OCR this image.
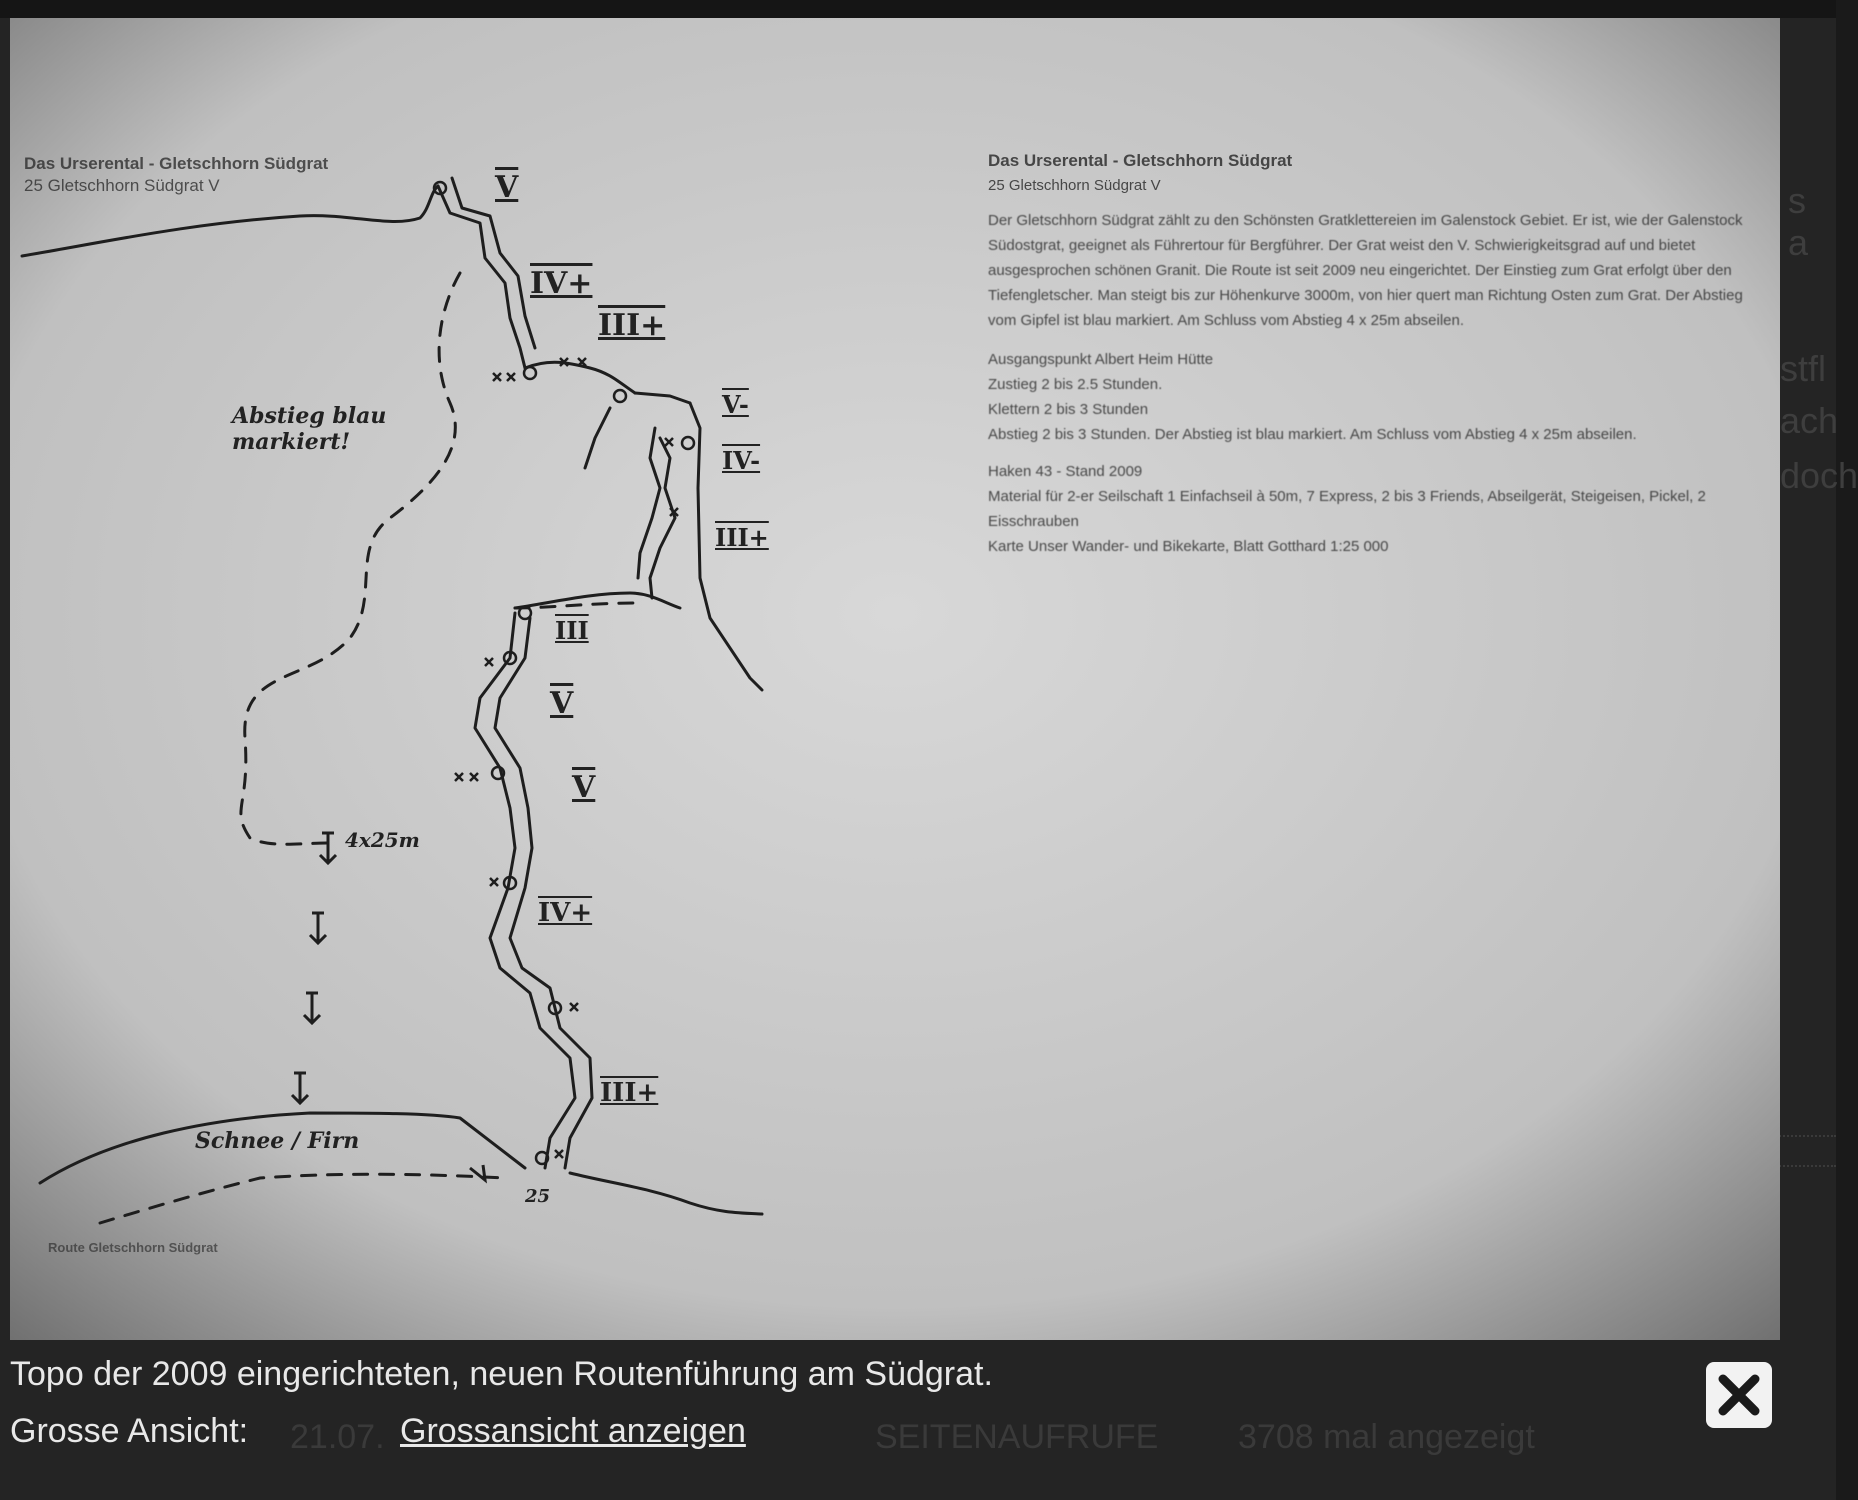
s a
stfl
ach
doch
Das Urserental - Gletschhorn Südgrat
25 Gletschhorn Südgrat V
Das Urserental - Gletschhorn Südgrat
25 Gletschhorn Südgrat V

Der Gletschhorn Südgrat zählt zu den Schönsten Gratklettereien im Galenstock Gebiet. Er ist, wie der Galenstock Südostgrat, geeignet als Führertour für Bergführer. Der Grat weist den V. Schwierigkeitsgrad auf und bietet ausgesprochen schönen Granit. Die Route ist seit 2009 neu eingerichtet. Der Einstieg zum Grat erfolgt über den Tiefengletscher. Man steigt bis zur Höhenkurve 3000m, von hier quert man Richtung Osten zum Grat. Der Abstieg vom Gipfel ist blau markiert. Am Schluss vom Abstieg 4 x 25m abseilen.

Ausgangspunkt Albert Heim Hütte
Zustieg 2 bis 2.5 Stunden.
Klettern 2 bis 3 Stunden
Abstieg 2 bis 3 Stunden. Der Abstieg ist blau markiert. Am Schluss vom Abstieg 4 x 25m abseilen.
Haken 43 - Stand 2009
Material für 2-er Seilschaft 1 Einfachseil à 50m, 7 Express, 2 bis 3 Friends, Abseilgerät, Steigeisen, Pickel, 2 Eisschrauben
Karte Unser Wander- und Bikekarte, Blatt Gotthard 1:25 000
Abstieg blau markiert!
4x25m
Schnee / Firn
25
Route Gletschhorn Südgrat
V
IV+
III+
V-
IV-
III+
III
V
V
IV+
III+
21.07.	SEITENAUFRUFE 3708 mal angezeigt
Topo der 2009 eingerichteten, neuen Routenführung am Südgrat.
Grosse Ansicht:	Grossansicht anzeigen
